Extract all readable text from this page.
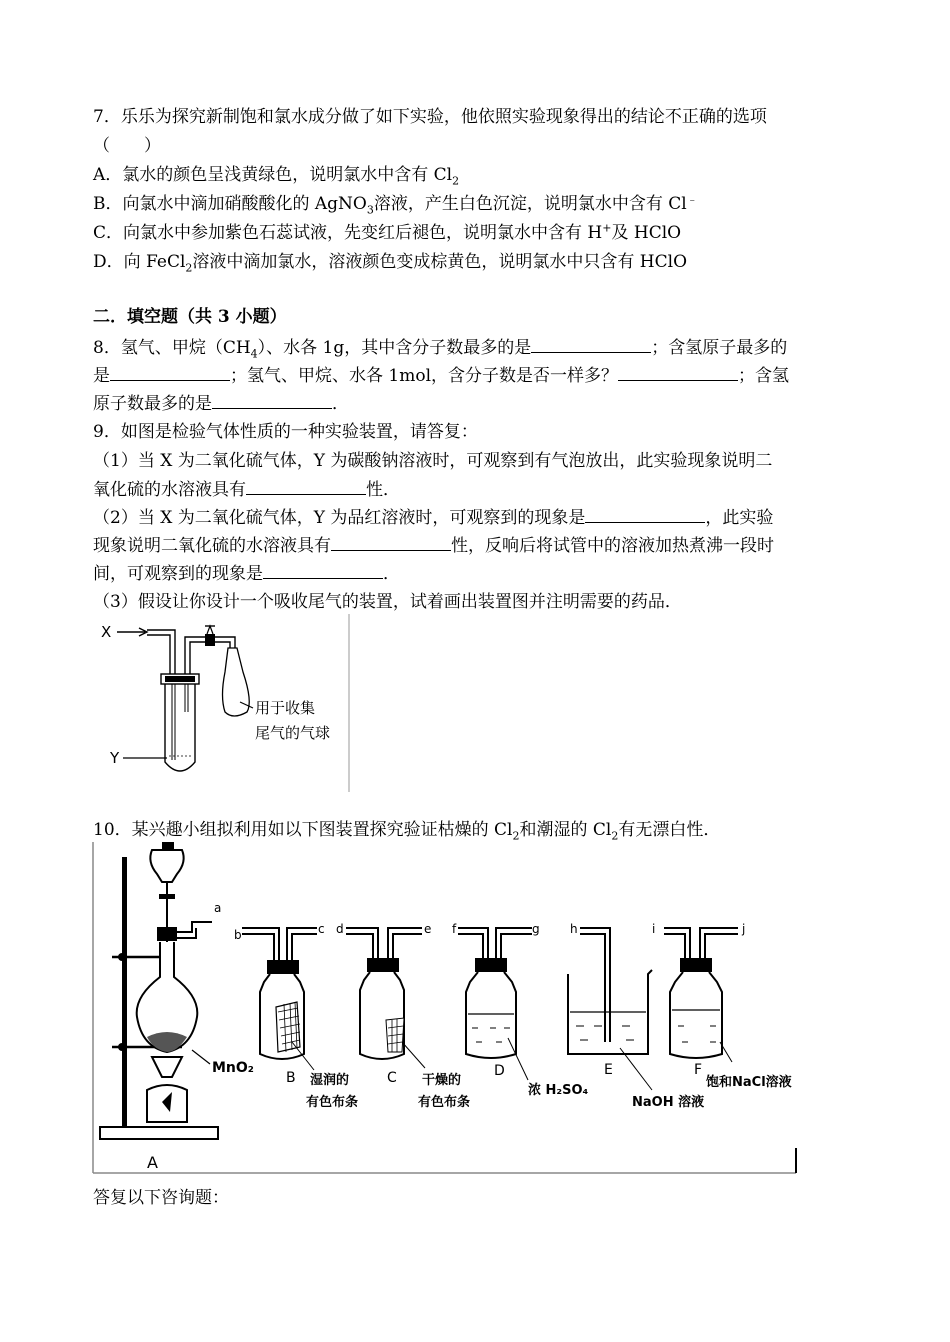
7．乐乐为探究新制饱和氯水成分做了如下实验，他依照实验现象得出的结论不正确的选项
（　　）
A．氯水的颜色呈浅黄绿色，说明氯水中含有 $Cl_2$
B．向氯水中滴加硝酸酸化的 AgNO$_3$溶液，产生白色沉淀，说明氯水中含有 Cl﹣
C．向氯水中参加紫色石蕊试液，先变红后褪色，说明氯水中含有 H+及 HClO
D．向 FeCl$_2$溶液中滴加氯水，溶液颜色变成棕黄色，说明氯水中只含有 HClO
二．填空题（共 3 小题）
8．氢气、甲烷$(CH_4)$、水各 1g，其中含分子数最多的是	；含氢原子最多的
是	；氢气、甲烷、水各 1mol，含分子数是否一样多？	；含氢
原子数最多的是	．
9．如图是检验气体性质的一种实验装置，请答复：
（1）当 X 为二氧化硫气体，Y 为碳酸钠溶液时，可观察到有气泡放出，此实验现象说明二
氧化硫的水溶液具有	性．
（2）当 X 为二氧化硫气体，Y 为品红溶液时，可观察到的现象是	，此实验
现象说明二氧化硫的水溶液具有	性，反响后将试管中的溶液加热煮沸一段时
间，可观察到的现象是	．
（3）假设让你设计一个吸收尾气的装置，试着画出装置图并注明需要的药品．
X
用于收集
尾气的气球
Y
10．某兴趣小组拟利用如以下图装置探究验证枯燥的 $Cl_2$和潮湿的 $Cl_2$有无漂白性．
a
MnO₂
A
b	c
B 湿润的
有色布条
d	e
C 干燥的
有色布条
f	g
D
浓 H₂SO₄
h
E
NaOH 溶液
i	j
F
饱和NaCl溶液
答复以下咨询题：
